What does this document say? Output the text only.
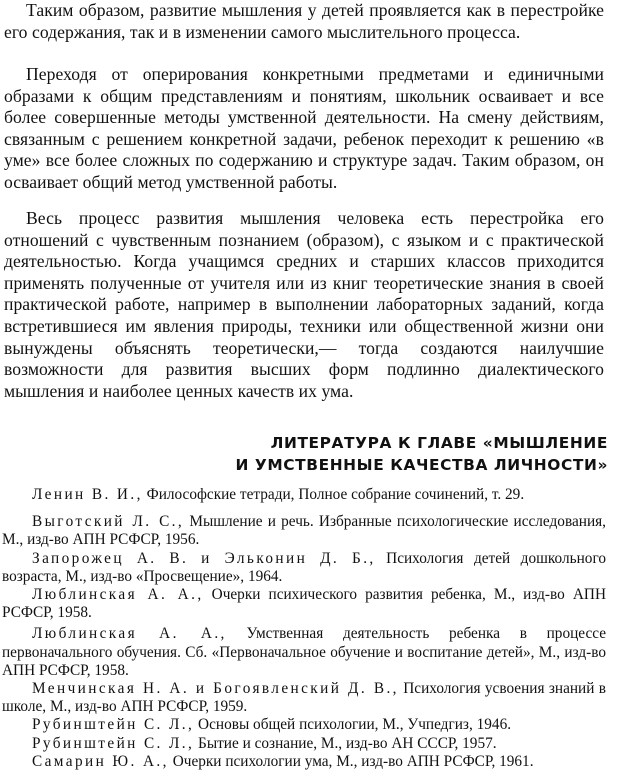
Таким образом, развитие мышления у детей проявляется как в перестройке его содержания, так и в изменении самого мыслительного процесса.

Переходя от оперирования конкретными предметами и единичными образами к общим представлениям и понятиям, школьник осваивает и все более совершенные методы умственной деятельности. На смену действиям, связанным с решением конкретной задачи, ребенок переходит к решению «в уме» все более сложных по содержанию и структуре задач. Таким образом, он осваивает общий метод умственной работы.

Весь процесс развития мышления человека есть перестройка его отношений с чувственным познанием (образом), с языком и с практической деятельностью. Когда учащимся средних и старших классов приходится применять полученные от учителя или из книг теоретические знания в своей практической работе, например в выполнении лабораторных заданий, когда встретившиеся им явления природы, техники или общественной жизни они вынуждены объяснять теоретически,— тогда создаются наилучшие возможности для развития высших форм подлинно диалектического мышления и наиболее ценных качеств их ума.

ЛИТЕРАТУРА К ГЛАВЕ «МЫШЛЕНИЕ
И УМСТВЕННЫЕ КАЧЕСТВА ЛИЧНОСТИ»

Ленин В. И., Философские тетради, Полное собрание сочинений, т. 29.

Выготский Л. С., Мышление и речь. Избранные психологические исследования, М., изд-во АПН РСФСР, 1956.

Запорожец А. В. и Эльконин Д. Б., Психология детей дошкольного возраста, М., изд-во «Просвещение», 1964.

Люблинская А. А., Очерки психического развития ребенка, М., изд-во АПН РСФСР, 1958.

Люблинская А. А., Умственная деятельность ребенка в процессе первоначального обучения. Сб. «Первоначальное обучение и воспитание детей», М., изд-во АПН РСФСР, 1958.

Менчинская Н. А. и Богоявленский Д. В., Психология усвоения знаний в школе, М., изд-во АПН РСФСР, 1959.

Рубинштейн С. Л., Основы общей психологии, М., Учпедгиз, 1946.

Рубинштейн С. Л., Бытие и сознание, М., изд-во АН СССР, 1957.

Самарин Ю. А., Очерки психологии ума, М., изд-во АПН РСФСР, 1961.
